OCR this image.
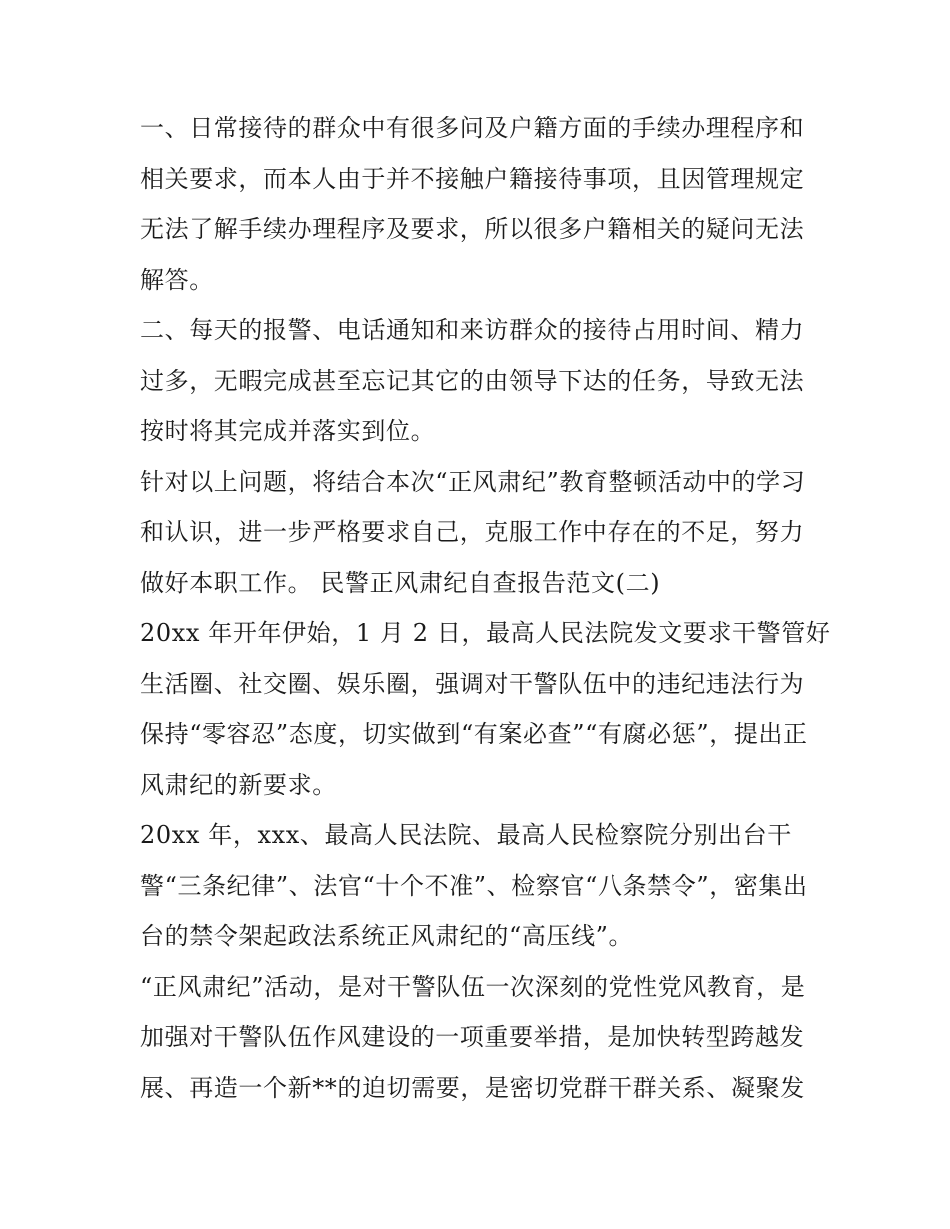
一、日常接待的群众中有很多问及户籍方面的手续办理程序和
相关要求，而本人由于并不接触户籍接待事项，且因管理规定
无法了解手续办理程序及要求，所以很多户籍相关的疑问无法
解答。
二、每天的报警、电话通知和来访群众的接待占用时间、精力
过多，无暇完成甚至忘记其它的由领导下达的任务，导致无法
按时将其完成并落实到位。
针对以上问题，将结合本次“正风肃纪”教育整顿活动中的学习
和认识，进一步严格要求自己，克服工作中存在的不足，努力
做好本职工作。 民警正风肃纪自查报告范文(二)
20xx 年开年伊始，1 月 2 日，最高人民法院发文要求干警管好
生活圈、社交圈、娱乐圈，强调对干警队伍中的违纪违法行为
保持“零容忍”态度，切实做到“有案必查”“有腐必惩”，提出正
风肃纪的新要求。
20xx 年，xxx、最高人民法院、最高人民检察院分别出台干
警“三条纪律”、法官“十个不准”、检察官“八条禁令”，密集出
台的禁令架起政法系统正风肃纪的“高压线”。
“正风肃纪”活动，是对干警队伍一次深刻的党性党风教育，是
加强对干警队伍作风建设的一项重要举措，是加快转型跨越发
展、再造一个新**的迫切需要，是密切党群干群关系、凝聚发
